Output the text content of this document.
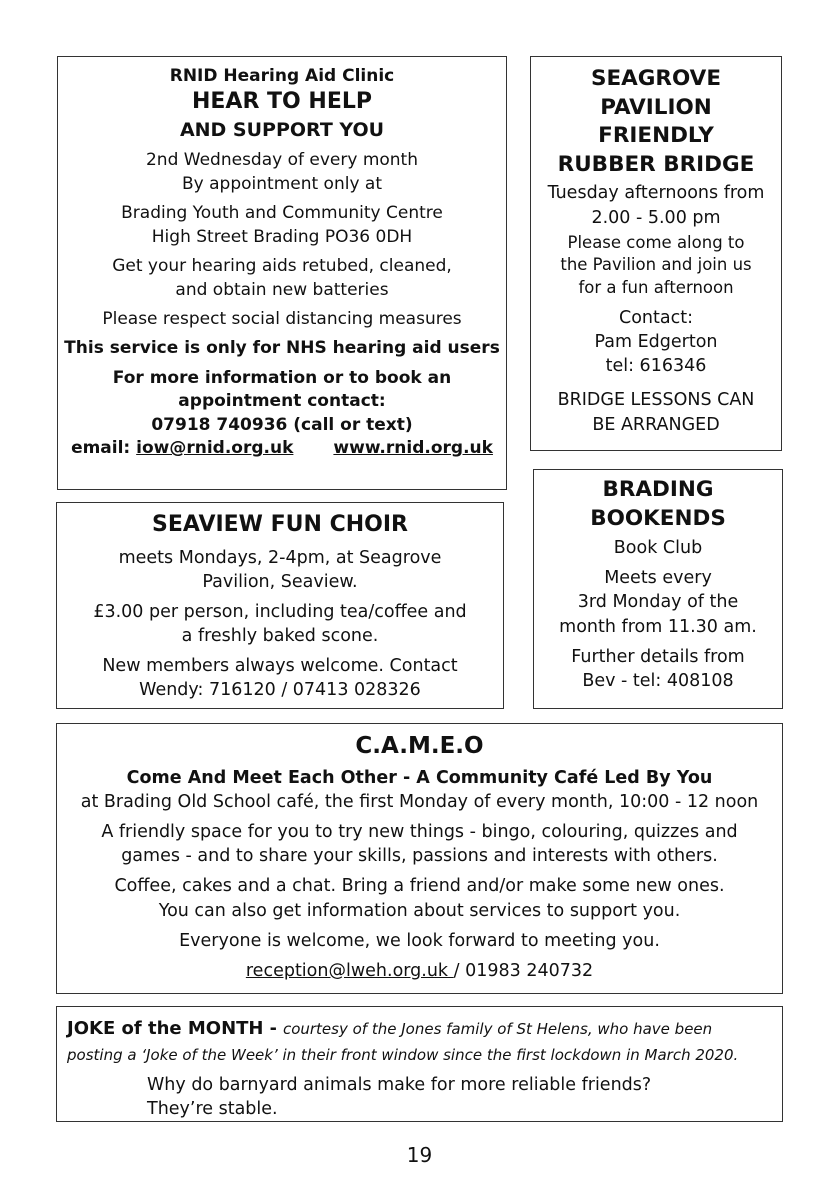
RNID Hearing Aid Clinic
HEAR TO HELP
AND SUPPORT YOU
2nd Wednesday of every month
By appointment only at
Brading Youth and Community Centre
High Street Brading PO36 0DH
Get your hearing aids retubed, cleaned,
and obtain new batteries
Please respect social distancing measures
This service is only for NHS hearing aid users
For more information or to book an
appointment contact:
07918 740936 (call or text)
email: iow@rnid.org.uk www.rnid.org.uk
SEAGROVE
PAVILION
FRIENDLY
RUBBER BRIDGE
Tuesday afternoons from
2.00 - 5.00 pm
Please come along to
the Pavilion and join us
for a fun afternoon
Contact:
Pam Edgerton
tel: 616346
BRIDGE LESSONS CAN
BE ARRANGED
SEAVIEW FUN CHOIR
meets Mondays, 2-4pm, at Seagrove
Pavilion, Seaview.
£3.00 per person, including tea/coffee and
a freshly baked scone.
New members always welcome. Contact
Wendy: 716120 / 07413 028326
BRADING
BOOKENDS
Book Club
Meets every
3rd Monday of the
month from 11.30 am.
Further details from
Bev - tel: 408108
C.A.M.E.O
Come And Meet Each Other - A Community Café Led By You
at Brading Old School café, the first Monday of every month, 10:00 - 12 noon
A friendly space for you to try new things - bingo, colouring, quizzes and
games - and to share your skills, passions and interests with others.
Coffee, cakes and a chat. Bring a friend and/or make some new ones.
You can also get information about services to support you.
Everyone is welcome, we look forward to meeting you.
reception@lweh.org.uk / 01983 240732
JOKE of the MONTH - courtesy of the Jones family of St Helens, who have been
posting a ‘Joke of the Week’ in their front window since the first lockdown in March 2020.
Why do barnyard animals make for more reliable friends?
They’re stable.
19
